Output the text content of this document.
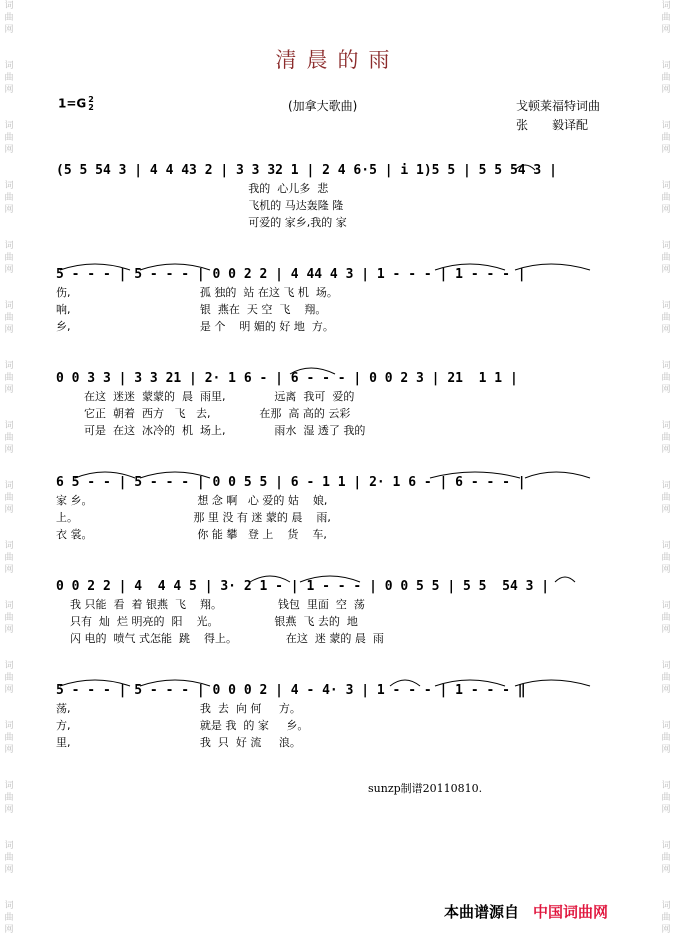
词
曲
网
词
曲
网
词
曲
网
词
曲
网
词
曲
网
词
曲
网
词
曲
网
词
曲
网
词
曲
网
词
曲
网
词
曲
网
词
曲
网
词
曲
网
词
曲
网
词
曲
网
词
曲
网
词
曲
网
词
曲
网
词
曲
网
词
曲
网
词
曲
网
词
曲
网
词
曲
网
词
曲
网
词
曲
网
词
曲
网
词
曲
网
词
曲
网
词
曲
网
词
曲
网
词
曲
网
词
曲
网
清晨的雨
1=G 2
2	(加拿大歌曲)	戈顿莱福特词曲
张　　毅译配
(5 5 54 3 | 4 4 43 2 | 3 3 32 1 | 2 4 6·5 | i 1)5 5 | 5 5 54 3 |
我的  心儿多  悲
飞机的 马达轰隆 隆
可爱的 家乡,我的 家
5 - - - | 5 - - - | 0 0 2 2 | 4 44 4 3 | 1 - - - | 1 - - - |
伤,                                     孤 独的  站 在这 飞 机  场。
响,                                     银  燕在  天 空  飞    翔。
乡,                                     是 个    明 媚的 好 地  方。
0 0 3 3 | 3 3 21 | 2· 1 6 - | 6 - - - | 0 0 2 3 | 21  1 1 |
在这  迷迷  蒙蒙的  晨  雨里,              远离  我可  爱的
它正  朝着  西方   飞   去,              在那  高 高的 云彩
可是  在这  冰冷的  机  场上,              雨水  湿 透了 我的
6 5 - - | 5 - - - | 0 0 5 5 | 6 - 1 1 | 2· 1 6 - | 6 - - - |
家 乡。                              想 念 啊   心 爱的 姑    娘,
上。                                 那 里 没 有 迷 蒙的 晨    雨,
衣 裳。                              你 能 攀   登 上    货    车,
0 0 2 2 | 4  4 4 5 | 3· 2 1 - | 1 - - - | 0 0 5 5 | 5 5  54 3 |
我 只能  看  着 银燕  飞    翔。                钱包  里面  空  荡
只有  灿  烂 明亮的  阳    光。                银燕  飞 去的  地
闪 电的  喷气 式怎能  跳    得上。              在这  迷 蒙的 晨  雨
5 - - - | 5 - - - | 0 0 0 2 | 4 - 4· 3 | 1 - - - | 1 - - - ‖
荡,                                     我  去  向 何     方。
方,                                     就是 我  的 家     乡。
里,                                     我  只  好 流     浪。
sunzp制谱20110810.
本曲谱源自 中国词曲网
